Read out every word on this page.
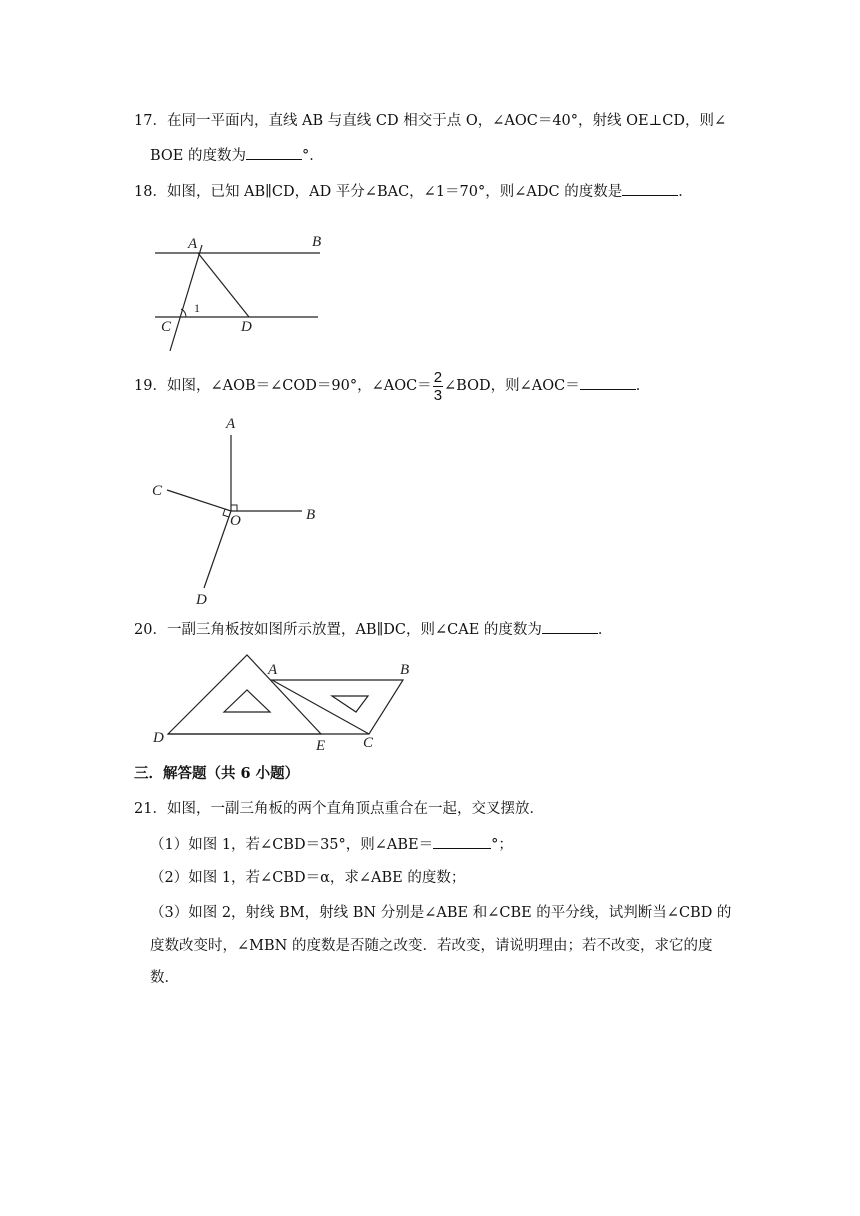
17．在同一平面内，直线 AB 与直线 CD 相交于点 O，∠AOC＝40°，射线 OE⊥CD，则∠
BOE 的度数为	°．
18．如图，已知 AB∥CD，AD 平分∠BAC，∠1＝70°，则∠ADC 的度数是	．
A	B
C	D
1
19．如图，∠AOB＝∠COD＝90°，∠AOC＝ $\frac{2}{3}$ ∠BOD，则∠AOC＝	．
A
B
C
D
O
20．一副三角板按如图所示放置，AB∥DC，则∠CAE 的度数为	．
A	B
C
D	E
三．解答题（共 6 小题）
21．如图，一副三角板的两个直角顶点重合在一起，交叉摆放．
（1）如图 1，若∠CBD＝35°，则∠ABE＝	°；
（2）如图 1，若∠CBD＝α，求∠ABE 的度数；
（3）如图 2，射线 BM，射线 BN 分别是∠ABE 和∠CBE 的平分线，试判断当∠CBD 的
度数改变时，∠MBN 的度数是否随之改变．若改变，请说明理由；若不改变，求它的度
数．
